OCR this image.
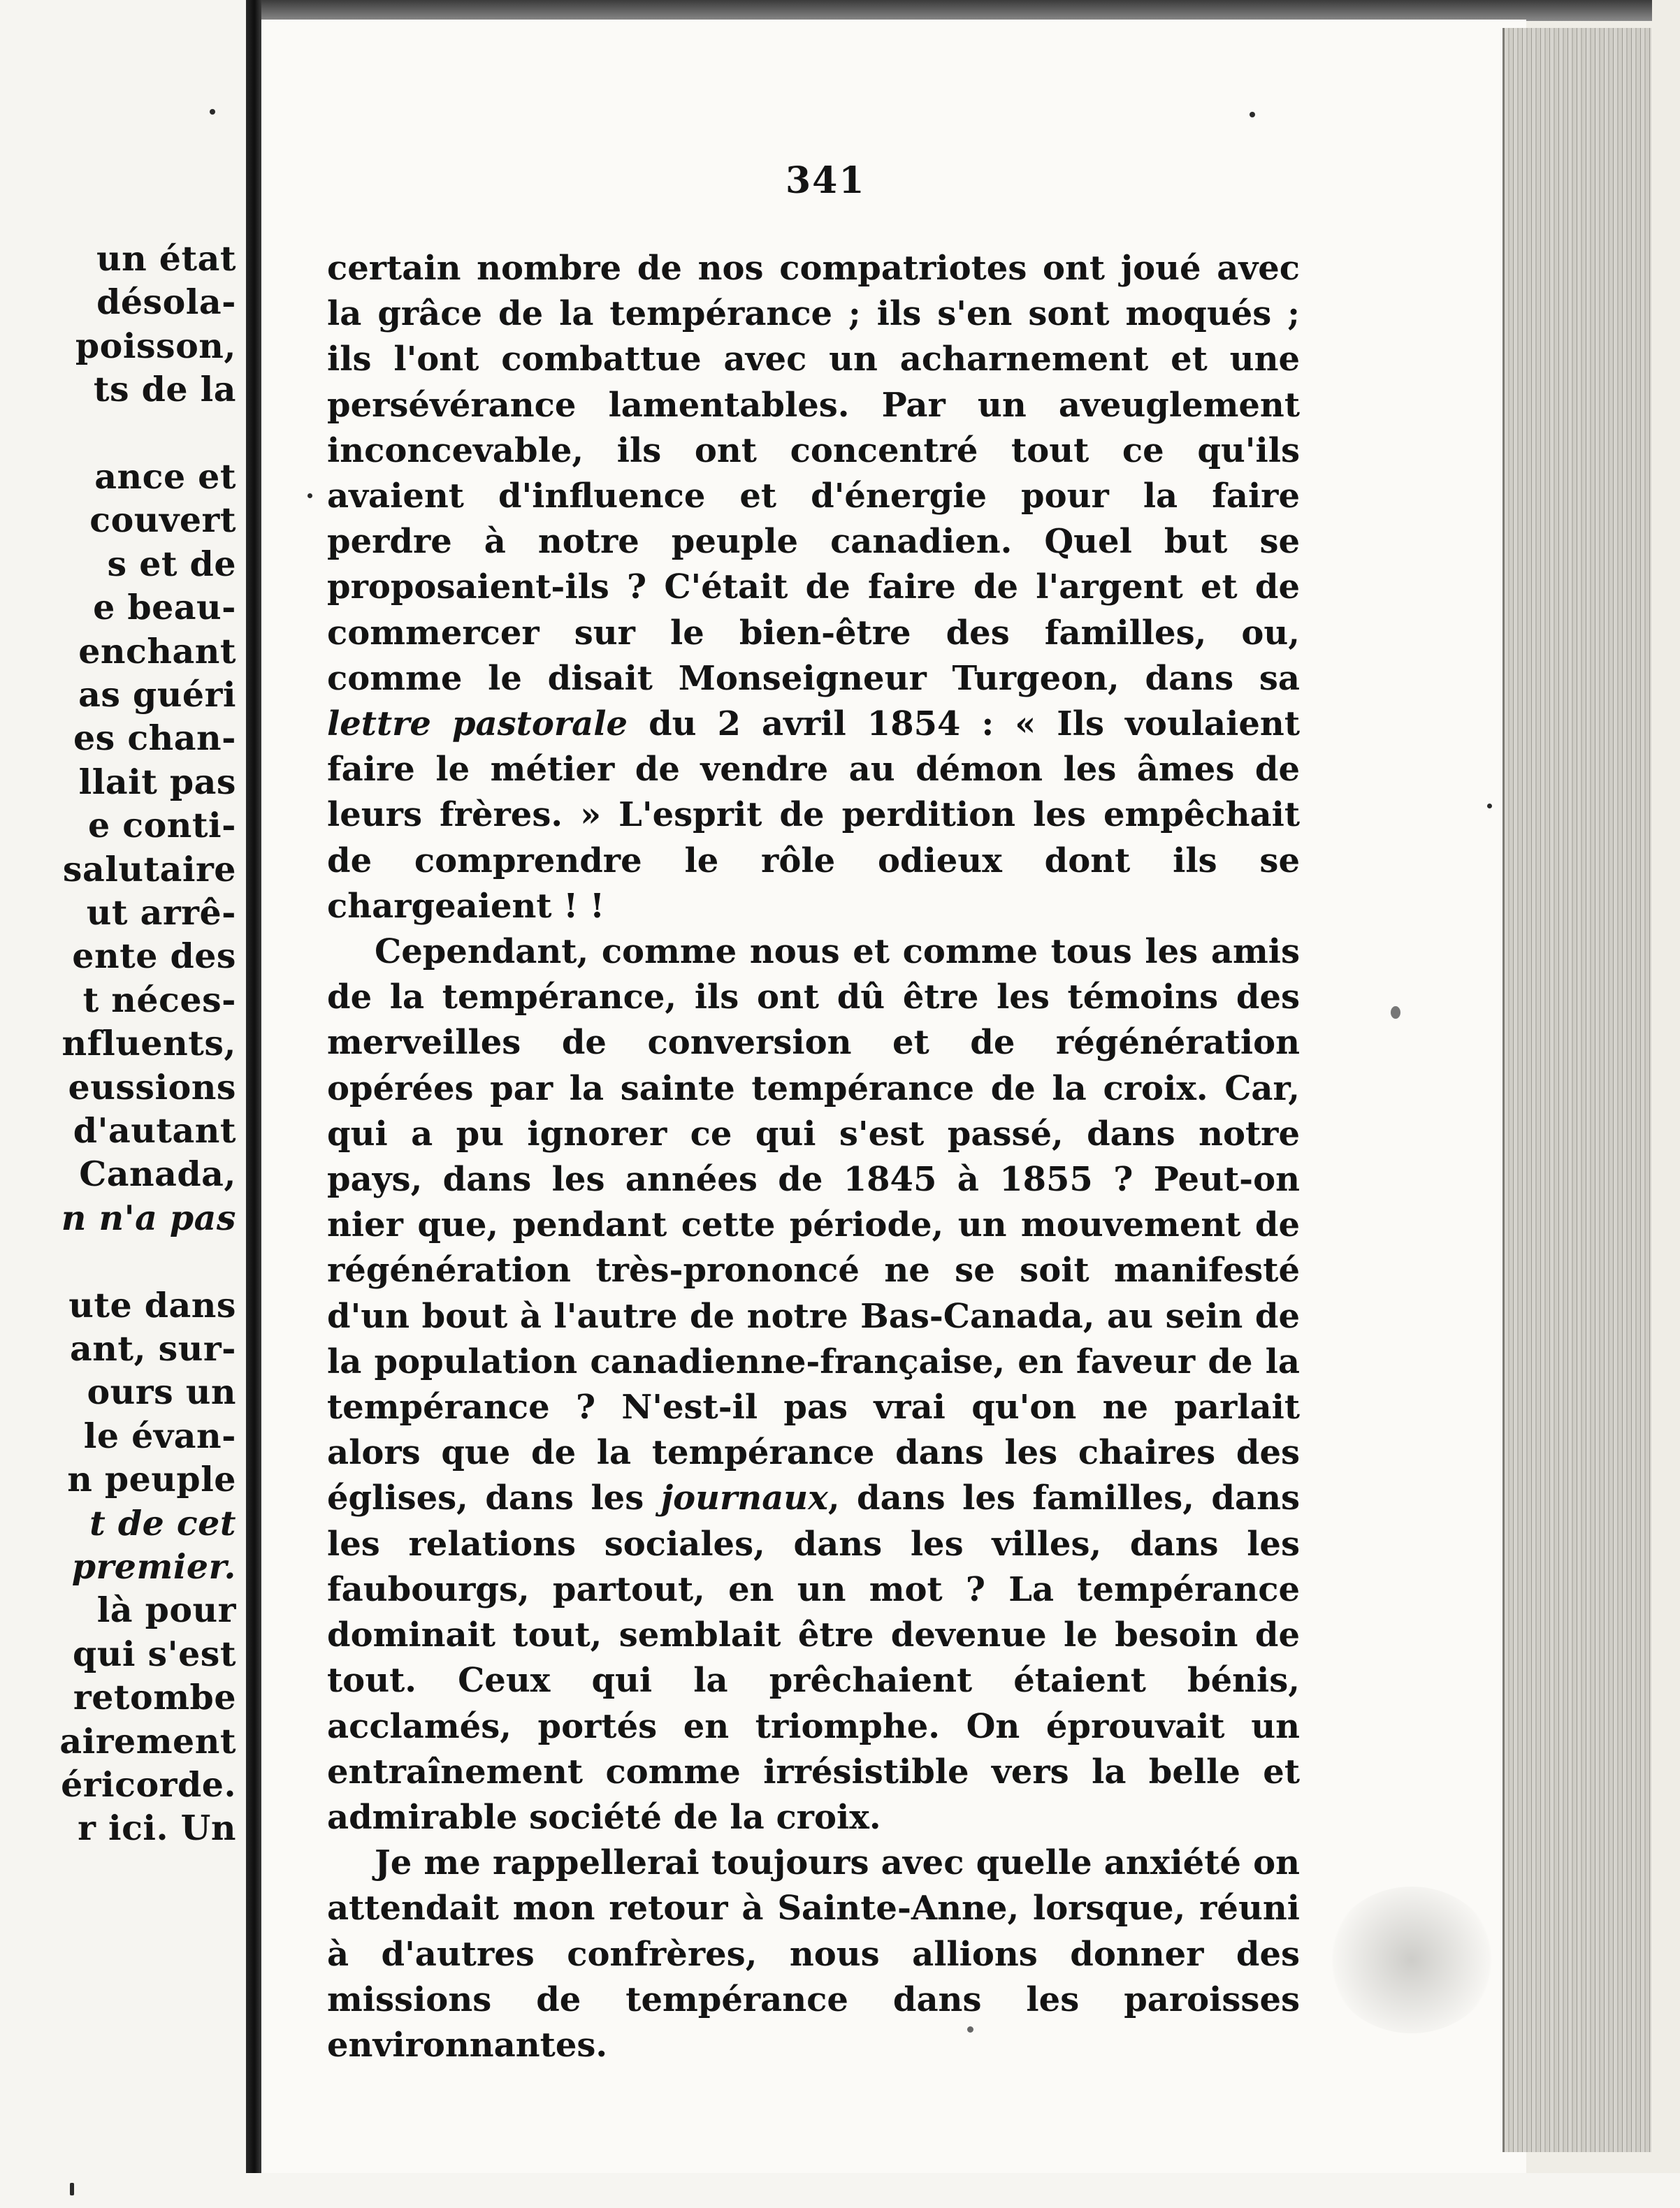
un état

désola-

poisson,

ts de la

ance et

couvert

s et de

e beau-

enchant

as guéri

es chan-

llait pas

e conti-

salutaire

ut arrê-

ente des

t néces-

nfluents,

eussions

d'autant

Canada,

n n'a pas

ute dans

ant, sur-

ours un

le évan-

n peuple

t de cet

premier.

là pour

qui s'est

retombe

airement

éricorde.

r ici. Un

341

certain nombre de nos compatriotes ont joué avec la grâce de la tempérance ; ils s'en sont moqués ; ils l'ont combattue avec un acharnement et une persévérance lamentables. Par un aveuglement inconcevable, ils ont concentré tout ce qu'ils avaient d'influence et d'énergie pour la faire perdre à notre peuple canadien. Quel but se proposaient-ils ? C'était de faire de l'argent et de commercer sur le bien-être des familles, ou, comme le disait Monseigneur Turgeon, dans sa lettre pastorale du 2 avril 1854 : « Ils voulaient faire le métier de vendre au démon les âmes de leurs frères. » L'esprit de perdition les empêchait de comprendre le rôle odieux dont ils se chargeaient ! !

Cependant, comme nous et comme tous les amis de la tempérance, ils ont dû être les témoins des merveilles de conversion et de régénération opérées par la sainte tempérance de la croix. Car, qui a pu ignorer ce qui s'est passé, dans notre pays, dans les années de 1845 à 1855 ? Peut-on nier que, pendant cette période, un mouvement de régénération très-prononcé ne se soit manifesté d'un bout à l'autre de notre Bas-Canada, au sein de la population canadienne-française, en faveur de la tempérance ? N'est-il pas vrai qu'on ne parlait alors que de la tempérance dans les chaires des églises, dans les journaux, dans les familles, dans les relations sociales, dans les villes, dans les faubourgs, partout, en un mot ? La tempérance dominait tout, semblait être devenue le besoin de tout. Ceux qui la prêchaient étaient bénis, acclamés, portés en triomphe. On éprouvait un entraînement comme irrésistible vers la belle et admirable société de la croix.

Je me rappellerai toujours avec quelle anxiété on attendait mon retour à Sainte-Anne, lorsque, réuni à d'autres confrères, nous allions donner des missions de tempérance dans les paroisses environnantes.
